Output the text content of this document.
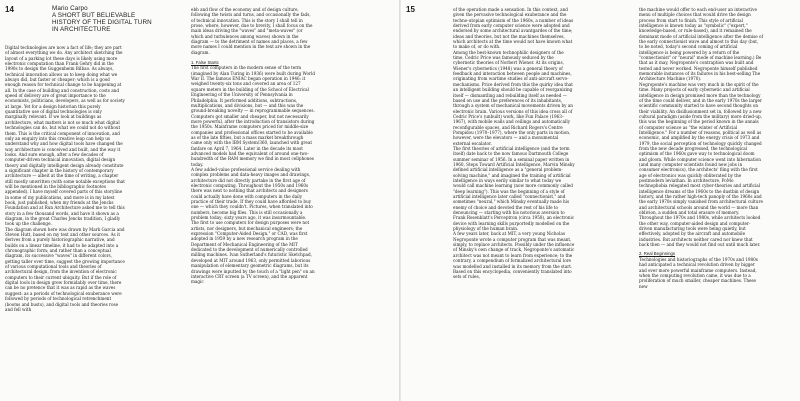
14	Mario Carpo
A SHORT BUT BELIEVABLE
HISTORY OF THE DIGITAL TURN
IN ARCHITECTURE

Digital technologies are now a fact of life; they are part of almost everything we do. Any architect sketching the layout of a parking lot these days is likely using more electronic computation than Frank Gehry did in the 1990s to design the Guggenheim Bilbao. As always, technical innovation allows us to keep doing what we always did, but faster or cheaper; which is a good enough reason for technical change to be happening at all. In the case of building and construction, costs and speed of delivery are of great importance to the economists, politicians, developers, as well as for society at large. Yet for a design historian this purely quantitative use of digital technologies is only marginally relevant. If we look at buildings as architecture, what matters is not so much what digital technologies can do, but what we could not do without them. This is the critical component of innovation, and only an enquiry into this creative leap can help us understand why and how digital tools have changed the way architecture is conceived and built, and the way it looks. And sure enough, after a few decades of computer-driven technical innovation, digital design theory and digitally intelligent design already constitute a significant chapter in the history of contemporary architecture — albeit at the time of writing, a chapter still mostly unwritten (with some notable exceptions that will be mentioned in the bibliographic footnotes appended). I have myself covered parts of this storyline in some of my publications, and more is in my latest book, just published, when my friends at the Jencks Foundation and at Run Architecture asked me to tell this story in a few thousand words, and have it shown as a diagram, in the great Charles Jencks tradition, I gladly took up the challenge.

The diagram shown here was drawn by Mark Garcia and Steven Hutt, based on my text and other sources. As it derives from a purely historiographic narrative, and builds on a linear timeline, it had to be adapted into a chronographic form; and rather than a conceptual diagram, its successive "waves" in different colors, getting taller over time, suggest the growing importance of various computational tools and theories of architectural design, from the invention of electronic computers to their current ubiquity. But if the role of digital tools in design grew formidably over time, there can be no pretence that it was as rapid as the waves suggest: as a periods of technological exuberance were followed by periods of technological retrenchment (booms and busts), and digital tools and theories rose and fell with

ebb and flow of the economy and of design culture, following the twists and turns, and occasionally the fads, of technical innovation. This is the story I shall tell in prose, where, however, due to brevity, I shall focus on the main ideas driving the "waves" and "meta-waves" (or which and turbulences among waves) shown in the diagram — to the detriment of names and places, a few more names I could mention in the text are shown in the diagram.

1. False Starts

The first computers in the modern sense of the term (imagined by Alan Turing in 1936) were built during World War II. The famous ENIAC began operation in 1946: it weighed twenty-six tons and covered an area of 127 square meters in the building of the School of Electrical Engineering of the University of Pennsylvania in Philadelphia. It performed additions, subtractions, multiplications, and divisions, but — and this was the ground-breaking novelty — in reprogrammable sequences. Computers got smaller and cheaper, but not necessarily more powerful, after the introduction of transistors during the 1950s. Mainframe computers priced for middle-size companies and professional offices started to be available as of the late fifties, but a mass market breakthrough came only with the IBM System/360, launched with great fanfare on April 7, 1964. Later in the decade its most advanced models had the equivalent of around one-two-hundredth of the RAM memory we find in most cellphones today.

A few added-value professional service dealing with complex problems and data-heavy images and drawings, architecture did not directly partake in the first age of electronic computing. Throughout the 1950s and 1960s there was next to nothing that architects and designers could actually have done with computers in the daily practice of their trade. If they could have afforded to buy one — which they couldn't. Pictures, when translated into numbers, become big files. This is still occasionally a problem today; sixty years ago, it was insurmountable. The first to use computers for design purposes were not artists, nor designers, but mechanical engineers; the expression "Computer-Aided Design," or CAD, was first adopted in 1959 by a new research program in the Department of Mechanical Engineering of the MIT dedicated to the development of numerically controlled milling machines. Ivan Sutherland's futuristic Sketchpad, developed at MIT around 1963, only permitted laborious manipulation of elementary geometric diagrams, but its drawings were inputted by the touch of a "light pen" on an interactive CRT screen (a TV screen), and the apparent magic

15	of the operation made a sensation. In this context, and given the pervasive technological exuberance and the techno-utopian optimism of the 1960s, a number of ideas derived from early computer science were adopted and endorsed by some architectural avantgardes of the time; ideas and theories, but not the machines themselves, which architects at the time would not have known what to make of, or do with.

Among the best-known technophilic designers of the time, Cedric Price was famously seduced by the cybernetic theories of Norbert Wiener. At its origins, Wiener's cybernetics (1948) was a general theory of feedback and interaction between people and machines, originating from wartime studies of anti-aircraft servo-mechanisms. Price derived from this the quirky idea that an intelligent building should be capable of reorganizing itself — dismantling and rebuilding itself as needed — based on use and the preferences of its inhabitants, through a system of mechanical movements driven by an electronic brain. Various versions of this idea cross all of Cedric Price's (unbuilt) work, like Fun Palace (1963–1967), with mobile walls and ceilings and automatically reconfigurable spaces, and Richard Rogers's Centre Pompidou (1970–1977), where the only parts in motion, however, were the elevators — and a monumental external escalator.

The first theories of artificial intelligence (and the term itself) date back to the now famous Dartmouth College summer seminar of 1956. In a seminal paper written in 1960, Steps Toward Artificial Intelligence, Marvin Minsky defined artificial intelligence as a "general problem-solving machine," and imagined the training of artificial intelligence in ways eerily similar to what today we would call machine learning (now more commonly called "deep learning"). This was the beginning of a style of artificial intelligence later called "connectionist," and sometimes "neural," which Minsky eventually made his enemy of choice and devoted the rest of his life to denouncing — starting with his notorious aversion to Frank Rosenblatt's Perceptron (circa 1958), an electronic device with learning skills purportedly modelled on the physiology of the human brain.

A few years later, back at MIT, a very young Nicholas Negroponte wrote a computer program that was meant, simply, to replace architects. Possibly under the influence of Minsky's own change of track, Negroponte's automatic architect was not meant to learn from experience; to the contrary, a compendium of formalized architectural lore was modelled and installed in its memory from the start. Based on this encyclopedia, conveniently translated into sets of rules,

the machine would offer to each end-user an interactive menu of multiple choices that would drive the design process from start to finish. This style of artificial intelligence is known today as "symbolic" ("expert," knowledge-based, or rule-based), and it remained the dominant mode of artificial intelligence after the demise of the early connectionist wave and almost to this day (but, to be noted, today's second coming of artificial intelligence is being powered by a return of the "connectionist" or "neural" mode of machine learning.) Be that as it may, Negroponte's contraption was built and tested and never worked. Negroponte himself published memorable instances of its failures in his best-selling The Architecture Machine (1970).

Negroponte's machine was very much in the spirit of the time. Many projects of early cybernetic and artificial intelligence in design promised more than the technology of the time could deliver, and in the early 1970s the larger scientific community started to have second thoughts on their viability. An disillusionment set in, followed by a new cultural paradigm (aside from the military) more dried-up, this was the beginning of the period known in the annals of computer science as "the winter of Artificial Intelligence." For a number of reasons, political as well as economic, and amplified by the energy crisis of 1973 and 1979, the social perception of technology quickly changed from the new decade progressed, the technological optimism of the 1960s gave way to technological doom and gloom. While computer science went into hibernation (and many computer scientists found new jobs in consumer electronics), the architects' fling with the first age of electronics was quickly obliterated by the postmodern leviathan. In architecture, PoMo technophobia relegated most cyber-theories and artificial intelligence dreams of the 1960s to the dustbin of design history, and the rather high-tech panoply of the 1960s and the early 1970s simply vanished from architectural culture and architectural schools around the world — more than oblivion, a sudden and total erasure of memory. Throughout the 1970s and 1980s, while architects looked the other way, computer-aided design and computer-driven manufacturing tools were being quietly, but effectively, adopted by the aircraft and automobile industries. But architects neither cared nor knew that back then — and they would not find out until much later.

2. Real Beginnings

Technologies and historiographs of the 1970s and 1980s had anticipated a technical revolution driven by bigger and ever more powerful mainframe computers. Instead, when the computing revolution came, it was due to a proliferation of much smaller, cheaper machines. These new
